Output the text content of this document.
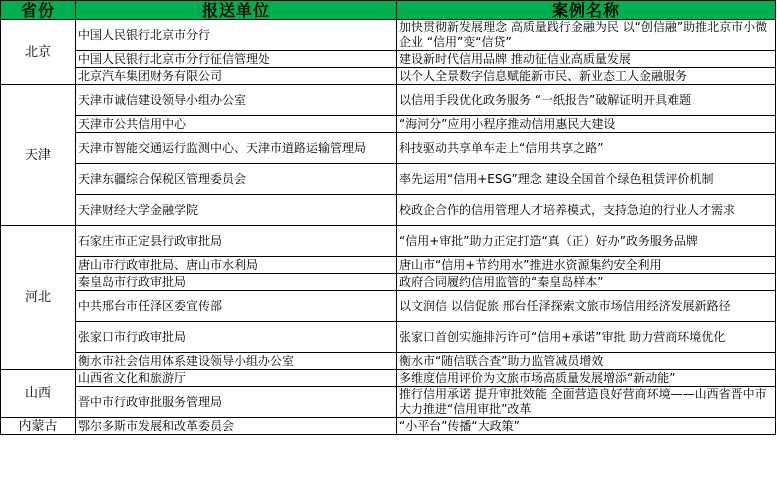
省份	报送单位	案例名称
北京	中国人民银行北京市分行	加快贯彻新发展理念 高质量践行金融为民 以“创信融”助推北京市小微企业 “信用”变“信贷”
	中国人民银行北京市分行征信管理处	建设新时代信用品牌 推动征信业高质量发展
	北京汽车集团财务有限公司	以个人全景数字信息赋能新市民、新业态工人金融服务
天津	天津市诚信建设领导小组办公室	以信用手段优化政务服务 “一纸报告”破解证明开具难题
	天津市公共信用中心	“海河分”应用小程序推动信用惠民大建设
	天津市智能交通运行监测中心、天津市道路运输管理局	科技驱动共享单车走上“信用共享之路”
	天津东疆综合保税区管理委员会	率先运用“信用+ESG”理念 建设全国首个绿色租赁评价机制
	天津财经大学金融学院	校政企合作的信用管理人才培养模式，支持急迫的行业人才需求
河北	石家庄市正定县行政审批局	“信用+审批”助力正定打造“真（正）好办”政务服务品牌
	唐山市行政审批局、唐山市水利局	唐山市“信用+节约用水”推进水资源集约安全利用
	秦皇岛市行政审批局	政府合同履约信用监管的“秦皇岛样本”
	中共邢台市任泽区委宣传部	以文润信 以信促旅 邢台任泽探索文旅市场信用经济发展新路径
	张家口市行政审批局	张家口首创实施排污许可“信用+承诺”审批 助力营商环境优化
	衡水市社会信用体系建设领导小组办公室	衡水市“随信联合查”助力监管减员增效
山西	山西省文化和旅游厅	多维度信用评价为文旅市场高质量发展增添“新动能”
	晋中市行政审批服务管理局	推行信用承诺 提升审批效能 全面营造良好营商环境——山西省晋中市大力推进“信用审批”改革
内蒙古	鄂尔多斯市发展和改革委员会	“小平台”传播“大政策”
